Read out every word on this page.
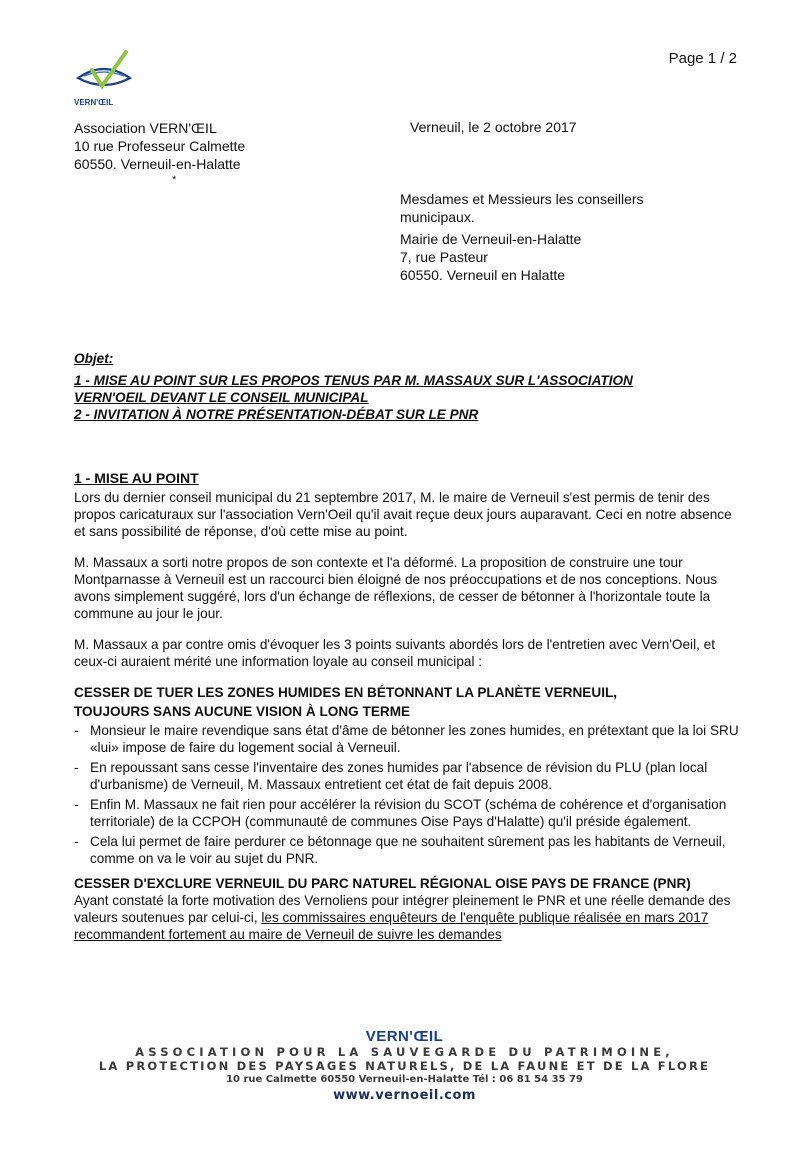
VERN'ŒIL
Page 1 / 2
Association VERN'ŒIL
10 rue Professeur Calmette
60550. Verneuil-en-Halatte
*
Verneuil, le 2 octobre 2017
Mesdames et Messieurs les conseillers
municipaux.
Mairie de Verneuil-en-Halatte
7, rue Pasteur
60550. Verneuil en Halatte
Objet:
1 - MISE AU POINT SUR LES PROPOS TENUS PAR M. MASSAUX SUR L'ASSOCIATION
VERN'OEIL DEVANT LE CONSEIL MUNICIPAL
2 - INVITATION À NOTRE PRÉSENTATION-DÉBAT SUR LE PNR

1 - MISE AU POINT

Lors du dernier conseil municipal du 21 septembre 2017, M. le maire de Verneuil s'est permis de tenir des propos caricaturaux sur l'association Vern'Oeil qu'il avait reçue deux jours auparavant. Ceci en notre absence et sans possibilité de réponse, d'où cette mise au point.

M. Massaux a sorti notre propos de son contexte et l'a déformé. La proposition de construire une tour Montparnasse à Verneuil est un raccourci bien éloigné de nos préoccupations et de nos conceptions. Nous avons simplement suggéré, lors d'un échange de réflexions, de cesser de bétonner à l'horizontale toute la commune au jour le jour.

M. Massaux a par contre omis d'évoquer les 3 points suivants abordés lors de l'entretien avec Vern'Oeil, et ceux-ci auraient mérité une information loyale au conseil municipal :

CESSER DE TUER LES ZONES HUMIDES EN BÉTONNANT LA PLANÈTE VERNEUIL,

TOUJOURS SANS AUCUNE VISION À LONG TERME

- Monsieur le maire revendique sans état d'âme de bétonner les zones humides, en prétextant que la loi SRU «lui» impose de faire du logement social à Verneuil.
- En repoussant sans cesse l'inventaire des zones humides par l'absence de révision du PLU (plan local d'urbanisme) de Verneuil, M. Massaux entretient cet état de fait depuis 2008.
- Enfin M. Massaux ne fait rien pour accélérer la révision du SCOT (schéma de cohérence et d'organisation territoriale) de la CCPOH (communauté de communes Oise Pays d'Halatte) qu'il préside également.
- Cela lui permet de faire perdurer ce bétonnage que ne souhaitent sûrement pas les habitants de Verneuil, comme on va le voir au sujet du PNR.

CESSER D'EXCLURE VERNEUIL DU PARC NATUREL RÉGIONAL OISE PAYS DE FRANCE (PNR)

Ayant constaté la forte motivation des Vernoliens pour intégrer pleinement le PNR et une réelle demande des valeurs soutenues par celui-ci, les commissaires enquêteurs de l'enquête publique réalisée en mars 2017 recommandent fortement au maire de Verneuil de suivre les demandes

VERN'ŒIL
ASSOCIATION POUR LA SAUVEGARDE DU PATRIMOINE,
LA PROTECTION DES PAYSAGES NATURELS, DE LA FAUNE ET DE LA FLORE
10 rue Calmette 60550 Verneuil-en-Halatte Tél : 06 81 54 35 79
www.vernoeil.com
